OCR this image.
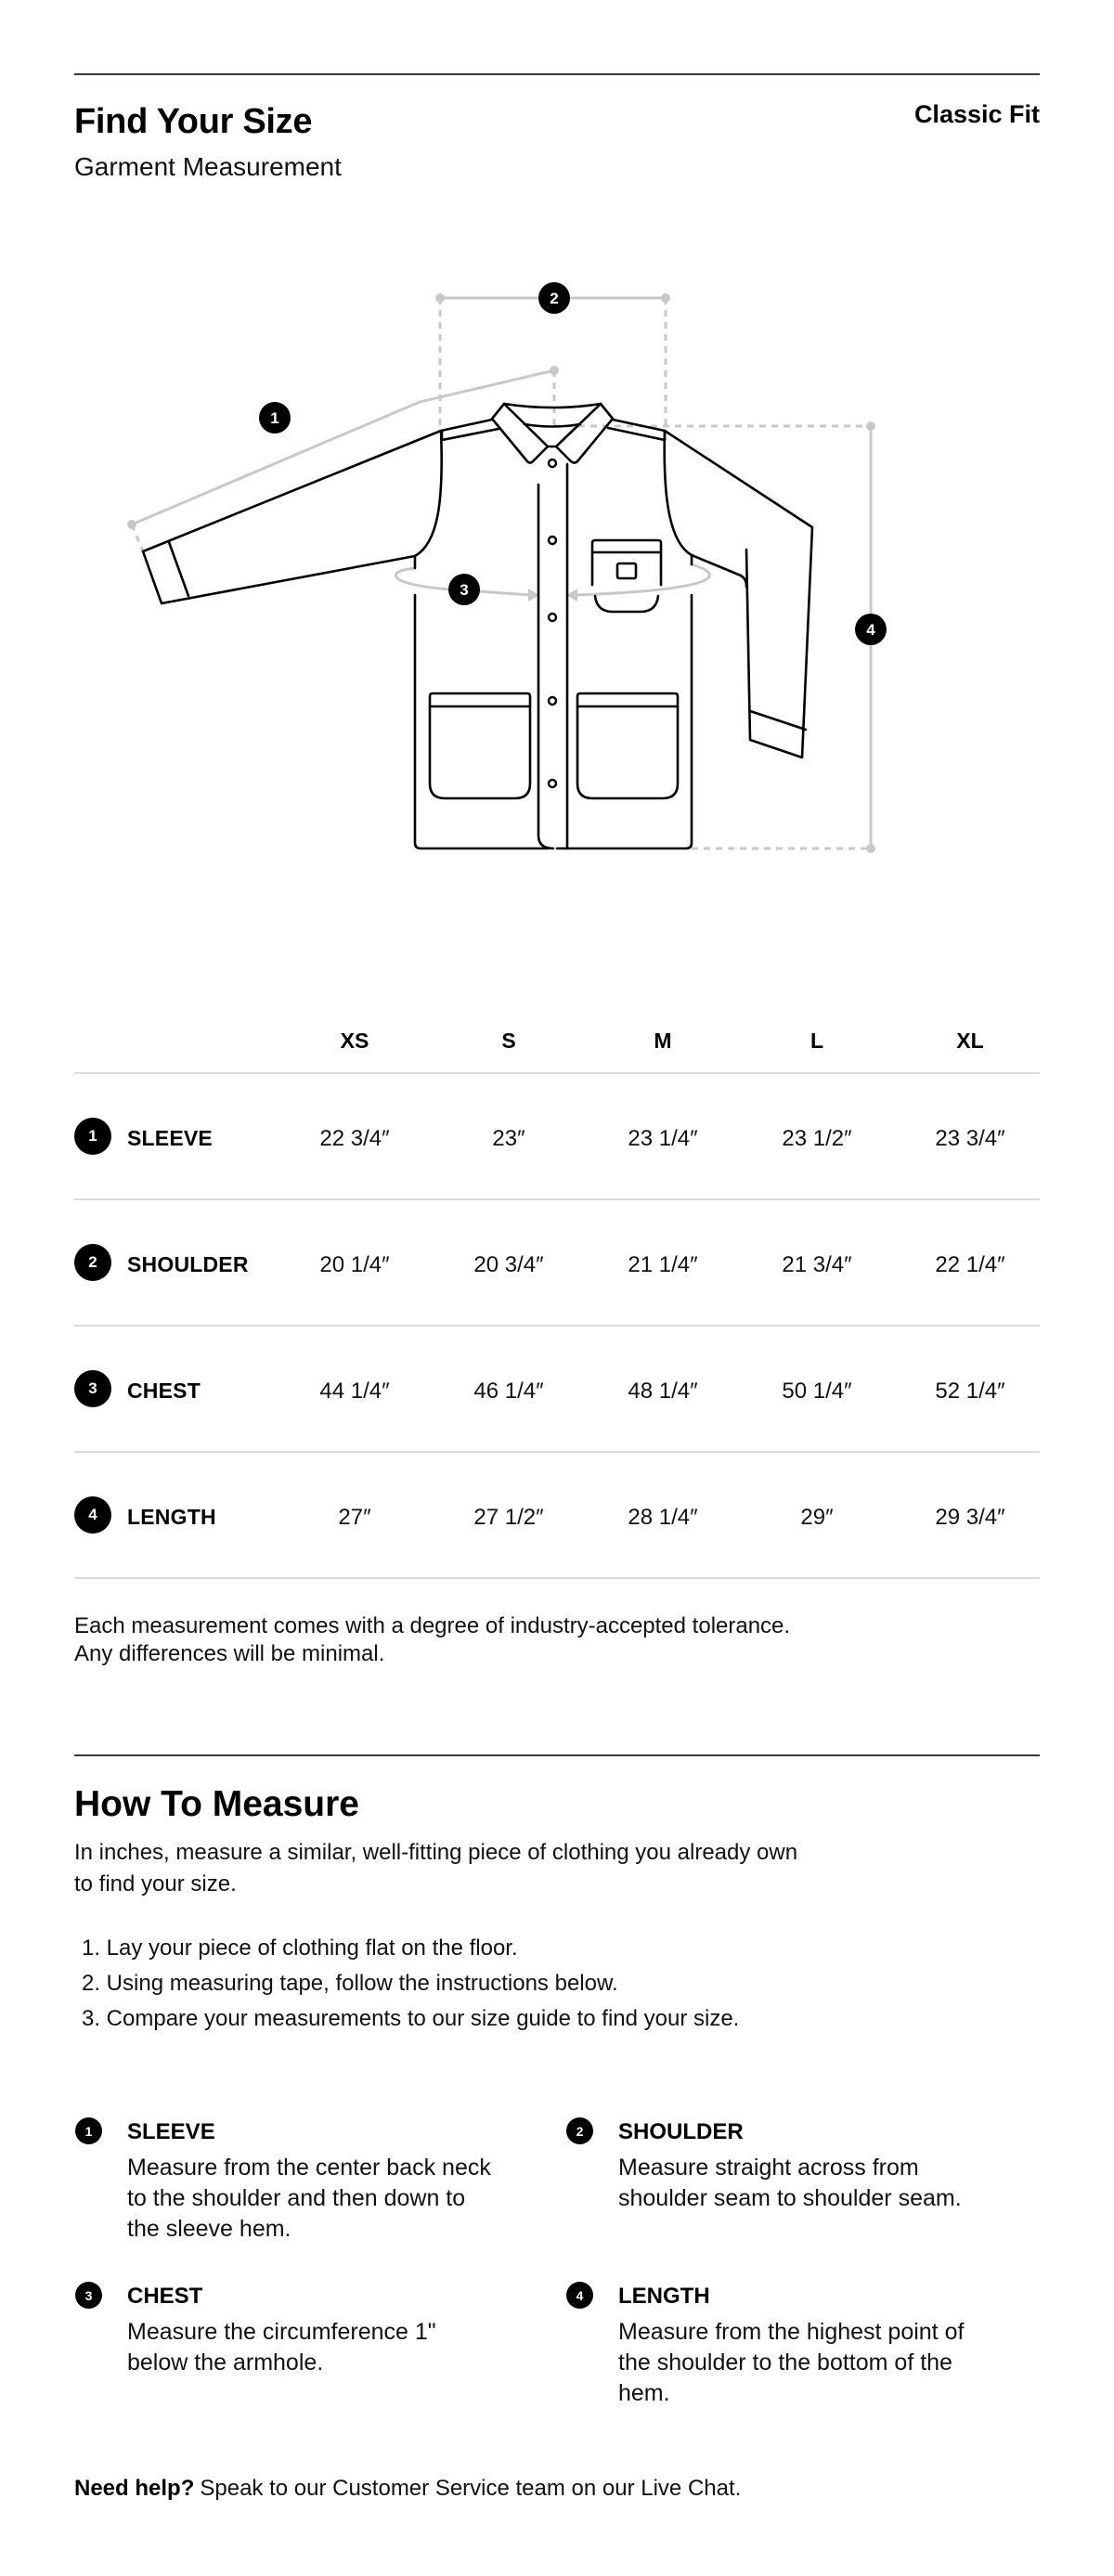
Find Your Size
Garment Measurement
Classic Fit
1
2
3
4
XS	S	M	L	XL
1	SLEEVE	22 3/4″	23″	23 1/4″	23 1/2″	23 3/4″
2	SHOULDER	20 1/4″	20 3/4″	21 1/4″	21 3/4″	22 1/4″
3	CHEST	44 1/4″	46 1/4″	48 1/4″	50 1/4″	52 1/4″
4	LENGTH	27″	27 1/2″	28 1/4″	29″	29 3/4″
Each measurement comes with a degree of industry-accepted tolerance.
Any differences will be minimal.
How To Measure
In inches, measure a similar, well-fitting piece of clothing you already own
to find your size.
1. Lay your piece of clothing flat on the floor.
2. Using measuring tape, follow the instructions below.
3. Compare your measurements to our size guide to find your size.
1	SLEEVE
Measure from the center back neck to the shoulder and then down to the sleeve hem.
2	SHOULDER
Measure straight across from shoulder seam to shoulder seam.
3	CHEST
Measure the circumference 1" below the armhole.
4	LENGTH
Measure from the highest point of the shoulder to the bottom of the hem.
Need help? Speak to our Customer Service team on our Live Chat.
